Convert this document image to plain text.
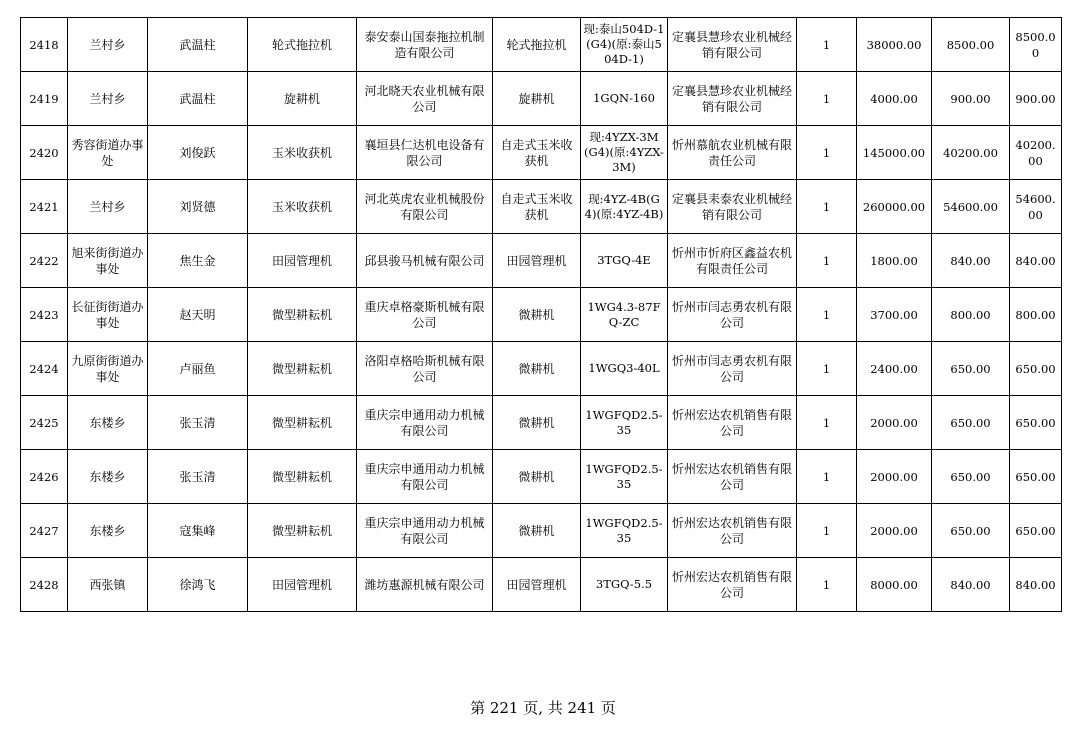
2418	兰村乡	武温柱	轮式拖拉机	泰安泰山国泰拖拉机制造有限公司	轮式拖拉机	现:泰山504D-1(G4)(原:泰山504D-1)	定襄县慧珍农业机械经销有限公司	1	38000.00	8500.00	8500.00
2419	兰村乡	武温柱	旋耕机	河北晓天农业机械有限公司	旋耕机	1GQN-160	定襄县慧珍农业机械经销有限公司	1	4000.00	900.00	900.00
2420	秀容街道办事处	刘俊跃	玉米收获机	襄垣县仁达机电设备有限公司	自走式玉米收获机	现:4YZX-3M(G4)(原:4YZX-3M)	忻州慕航农业机械有限责任公司	1	145000.00	40200.00	40200.00
2421	兰村乡	刘贤德	玉米收获机	河北英虎农业机械股份有限公司	自走式玉米收获机	现:4YZ-4B(G4)(原:4YZ-4B)	定襄县耒泰农业机械经销有限公司	1	260000.00	54600.00	54600.00
2422	旭来街街道办事处	焦生金	田园管理机	邱县骏马机械有限公司	田园管理机	3TGQ-4E	忻州市忻府区鑫益农机有限责任公司	1	1800.00	840.00	840.00
2423	长征街街道办事处	赵天明	微型耕耘机	重庆卓格豪斯机械有限公司	微耕机	1WG4.3-87FQ-ZC	忻州市闫志勇农机有限公司	1	3700.00	800.00	800.00
2424	九原街街道办事处	卢丽鱼	微型耕耘机	洛阳卓格哈斯机械有限公司	微耕机	1WGQ3-40L	忻州市闫志勇农机有限公司	1	2400.00	650.00	650.00
2425	东楼乡	张玉清	微型耕耘机	重庆宗申通用动力机械有限公司	微耕机	1WGFQD2.5-35	忻州宏达农机销售有限公司	1	2000.00	650.00	650.00
2426	东楼乡	张玉清	微型耕耘机	重庆宗申通用动力机械有限公司	微耕机	1WGFQD2.5-35	忻州宏达农机销售有限公司	1	2000.00	650.00	650.00
2427	东楼乡	寇集峰	微型耕耘机	重庆宗申通用动力机械有限公司	微耕机	1WGFQD2.5-35	忻州宏达农机销售有限公司	1	2000.00	650.00	650.00
2428	西张镇	徐鸿飞	田园管理机	潍坊惠源机械有限公司	田园管理机	3TGQ-5.5	忻州宏达农机销售有限公司	1	8000.00	840.00	840.00
第 221 页, 共 241 页
